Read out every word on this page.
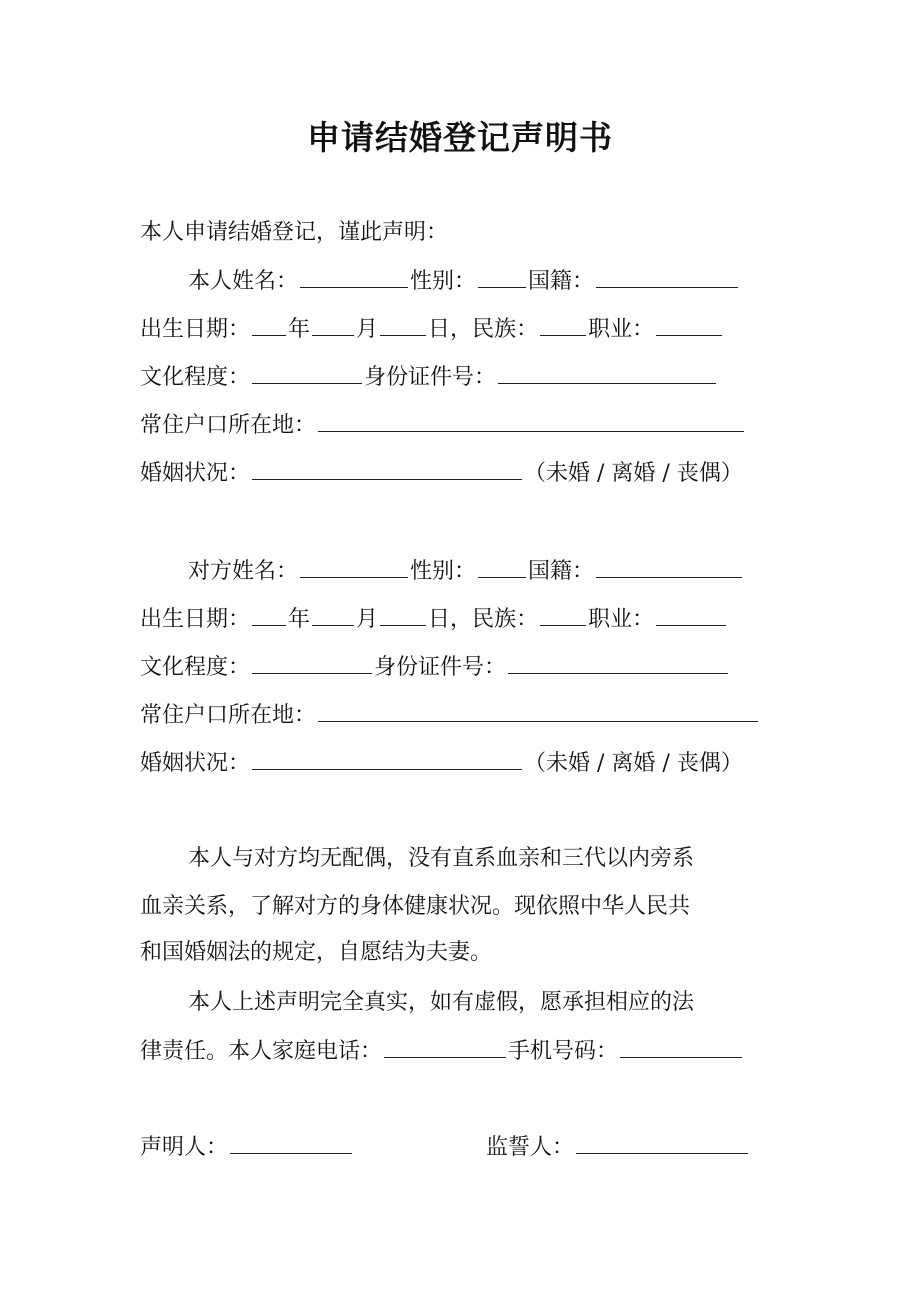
申请结婚登记声明书
本人申请结婚登记，谨此声明：
本人姓名：	性别： 国籍：
出生日期： 年 月 日，民族： 职业：
文化程度：	身份证件号：
常住户口所在地：
婚姻状况：	（未婚 / 离婚 / 丧偶）
对方姓名：	性别： 国籍：
出生日期： 年 月 日，民族： 职业：
文化程度：	身份证件号：
常住户口所在地：
婚姻状况：	（未婚 / 离婚 / 丧偶）
本人与对方均无配偶，没有直系血亲和三代以内旁系
血亲关系，了解对方的身体健康状况。现依照中华人民共
和国婚姻法的规定，自愿结为夫妻。
本人上述声明完全真实，如有虚假，愿承担相应的法
律责任。本人家庭电话：	手机号码：
声明人：	监誓人：
